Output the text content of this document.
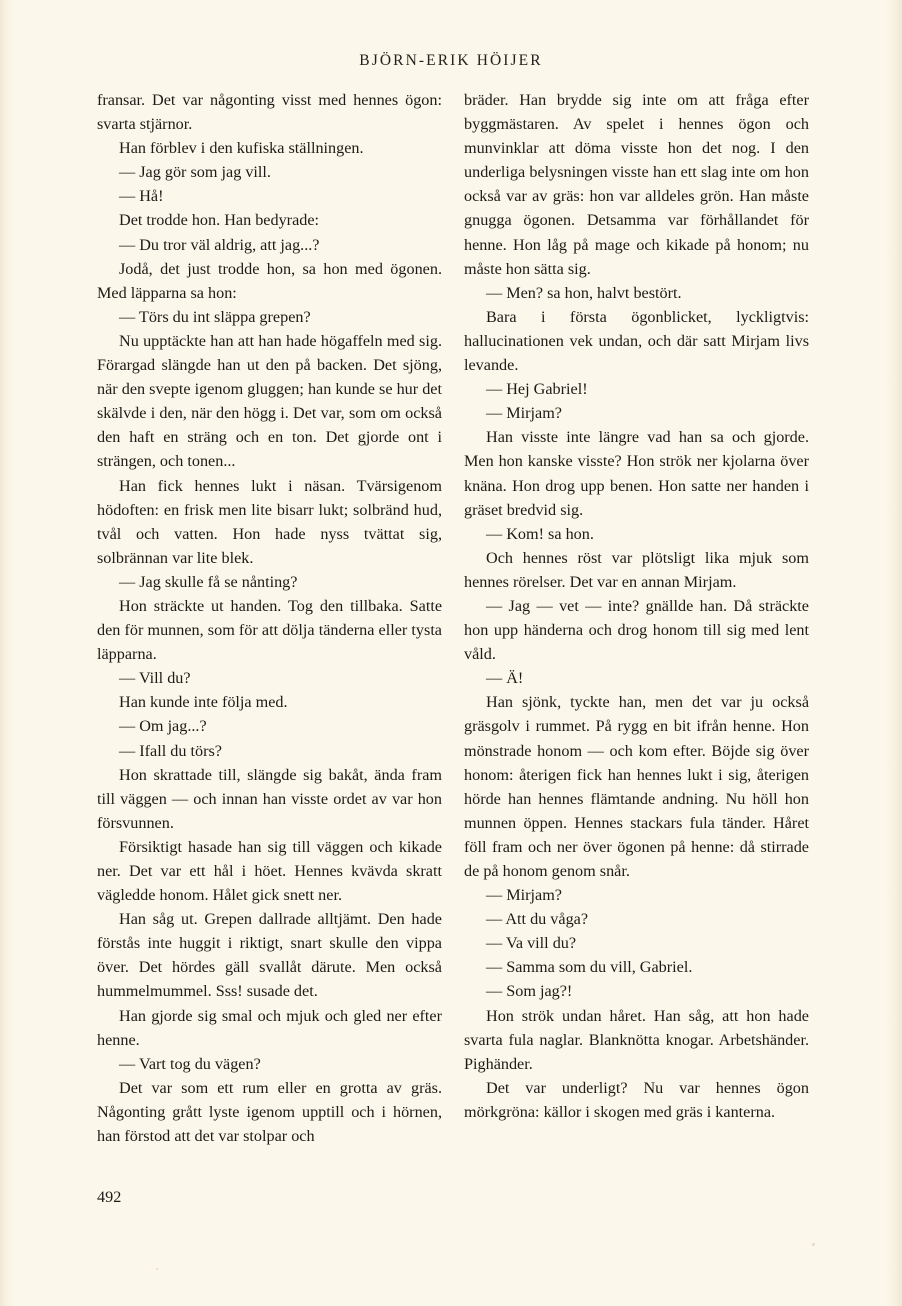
BJÖRN-ERIK HÖIJER

fransar. Det var någonting visst med hennes ögon: svarta stjärnor.

Han förblev i den kufiska ställningen.

— Jag gör som jag vill.

— Hå!

Det trodde hon. Han bedyrade:

— Du tror väl aldrig, att jag...?

Jodå, det just trodde hon, sa hon med ögonen. Med läpparna sa hon:

— Törs du int släppa grepen?

Nu upptäckte han att han hade högaffeln med sig. Förargad slängde han ut den på backen. Det sjöng, när den svepte igenom gluggen; han kunde se hur det skälvde i den, när den högg i. Det var, som om också den haft en sträng och en ton. Det gjorde ont i strängen, och tonen...

Han fick hennes lukt i näsan. Tvärsigenom hödoften: en frisk men lite bisarr lukt; solbränd hud, tvål och vatten. Hon hade nyss tvättat sig, solbrännan var lite blek.

— Jag skulle få se nånting?

Hon sträckte ut handen. Tog den tillbaka. Satte den för munnen, som för att dölja tänderna eller tysta läpparna.

— Vill du?

Han kunde inte följa med.

— Om jag...?

— Ifall du törs?

Hon skrattade till, slängde sig bakåt, ända fram till väggen — och innan han visste ordet av var hon försvunnen.

Försiktigt hasade han sig till väggen och kikade ner. Det var ett hål i höet. Hennes kvävda skratt vägledde honom. Hålet gick snett ner.

Han såg ut. Grepen dallrade alltjämt. Den hade förstås inte huggit i riktigt, snart skulle den vippa över. Det hördes gäll svallåt därute. Men också hummelmummel. Sss! susade det.

Han gjorde sig smal och mjuk och gled ner efter henne.

— Vart tog du vägen?

Det var som ett rum eller en grotta av gräs. Någonting grått lyste igenom upptill och i hörnen, han förstod att det var stolpar och

bräder. Han brydde sig inte om att fråga efter byggmästaren. Av spelet i hennes ögon och munvinklar att döma visste hon det nog. I den underliga belysningen visste han ett slag inte om hon också var av gräs: hon var alldeles grön. Han måste gnugga ögonen. Detsamma var förhållandet för henne. Hon låg på mage och kikade på honom; nu måste hon sätta sig.

— Men? sa hon, halvt bestört.

Bara i första ögonblicket, lyckligtvis: hallucinationen vek undan, och där satt Mirjam livs levande.

— Hej Gabriel!

— Mirjam?

Han visste inte längre vad han sa och gjorde. Men hon kanske visste? Hon strök ner kjolarna över knäna. Hon drog upp benen. Hon satte ner handen i gräset bredvid sig.

— Kom! sa hon.

Och hennes röst var plötsligt lika mjuk som hennes rörelser. Det var en annan Mirjam.

— Jag — vet — inte? gnällde han. Då sträckte hon upp händerna och drog honom till sig med lent våld.

— Ä!

Han sjönk, tyckte han, men det var ju också gräsgolv i rummet. På rygg en bit ifrån henne. Hon mönstrade honom — och kom efter. Böjde sig över honom: återigen fick han hennes lukt i sig, återigen hörde han hennes flämtande andning. Nu höll hon munnen öppen. Hennes stackars fula tänder. Håret föll fram och ner över ögonen på henne: då stirrade de på honom genom snår.

— Mirjam?

— Att du våga?

— Va vill du?

— Samma som du vill, Gabriel.

— Som jag?!

Hon strök undan håret. Han såg, att hon hade svarta fula naglar. Blanknötta knogar. Arbetshänder. Pighänder.

Det var underligt? Nu var hennes ögon mörkgröna: källor i skogen med gräs i kanterna.

492
